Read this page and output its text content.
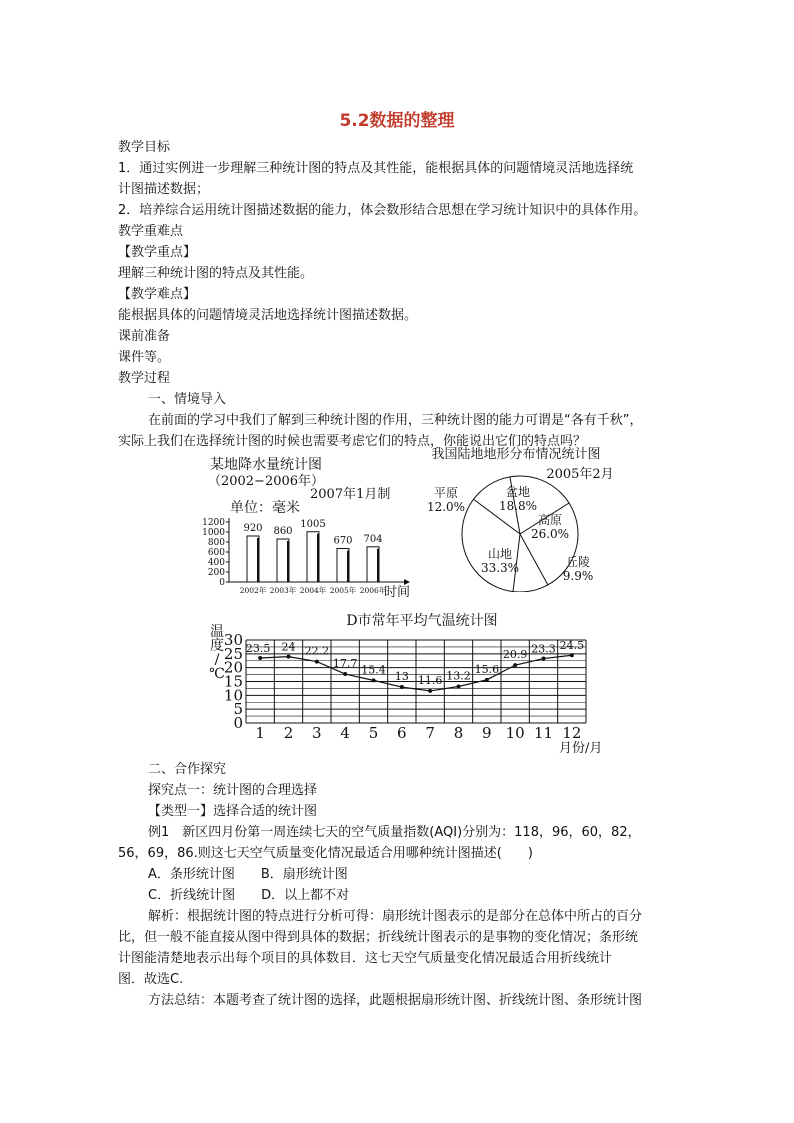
5.2数据的整理
教学目标
1．通过实例进一步理解三种统计图的特点及其性能，能根据具体的问题情境灵活地选择统
计图描述数据；
2．培养综合运用统计图描述数据的能力，体会数形结合思想在学习统计知识中的具体作用。
教学重难点
【教学重点】
理解三种统计图的特点及其性能。
【教学难点】
能根据具体的问题情境灵活地选择统计图描述数据。
课前准备
课件等。
教学过程
一、情境导入
在前面的学习中我们了解到三种统计图的作用，三种统计图的能力可谓是“各有千秋”，
实际上我们在选择统计图的时候也需要考虑它们的特点，你能说出它们的特点吗？
某地降水量统计图
（2002−2006年）
2007年1月制
单位：毫米
时间
0
200
400
600
800
1000
1200 920
2002年
860
2003年
1005
2004年
670
2005年
704
2006年
我国陆地地形分布情况统计图
2005年2月
盆地
18.8%
高原
26.0%
丘陵
9.9%
山地
33.3%
平原
12.0%
D市常年平均气温统计图
月份/月
温
度
/
℃
0
5
10
15
20
25
30
1 2 3 4 5 6 7 8 9 10 11 12
23.5 24 22.2
17.7 15.4
13 11.6 13.2
15.6
20.9 23.3 24.5
二、合作探究
探究点一：统计图的合理选择
【类型一】选择合适的统计图
例1　新区四月份第一周连续七天的空气质量指数(AQI)分别为：118，96，60，82，
56，69，86.则这七天空气质量变化情况最适合用哪种统计图描述(　　)
A．条形统计图　　B．扇形统计图
C．折线统计图　　D．以上都不对
解析：根据统计图的特点进行分析可得：扇形统计图表示的是部分在总体中所占的百分
比，但一般不能直接从图中得到具体的数据；折线统计图表示的是事物的变化情况；条形统
计图能清楚地表示出每个项目的具体数目．这七天空气质量变化情况最适合用折线统计
图．故选C.
方法总结：本题考查了统计图的选择，此题根据扇形统计图、折线统计图、条形统计图
